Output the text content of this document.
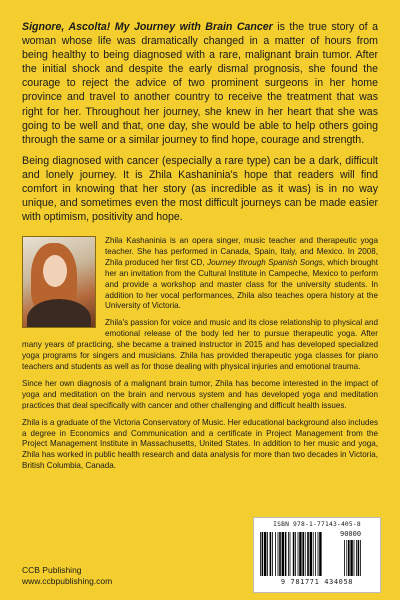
Signore, Ascolta! My Journey with Brain Cancer is the true story of a woman whose life was dramatically changed in a matter of hours from being healthy to being diagnosed with a rare, malignant brain tumor. After the initial shock and despite the early dismal prognosis, she found the courage to reject the advice of two prominent surgeons in her home province and travel to another country to receive the treatment that was right for her. Throughout her journey, she knew in her heart that she was going to be well and that, one day, she would be able to help others going through the same or a similar journey to find hope, courage and strength.

Being diagnosed with cancer (especially a rare type) can be a dark, difficult and lonely journey. It is Zhila Kashaninia's hope that readers will find comfort in knowing that her story (as incredible as it was) is in no way unique, and sometimes even the most difficult journeys can be made easier with optimism, positivity and hope.

Zhila Kashaninia is an opera singer, music teacher and therapeutic yoga teacher. She has performed in Canada, Spain, Italy, and Mexico. In 2008, Zhila produced her first CD, Journey through Spanish Songs, which brought her an invitation from the Cultural Institute in Campeche, Mexico to perform and provide a workshop and master class for the university students. In addition to her vocal performances, Zhila also teaches opera history at the University of Victoria.

Zhila's passion for voice and music and its close relationship to physical and emotional release of the body led her to pursue therapeutic yoga. After many years of practicing, she became a trained instructor in 2015 and has developed specialized yoga programs for singers and musicians. Zhila has provided therapeutic yoga classes for piano teachers and students as well as for those dealing with physical injuries and emotional trauma.

Since her own diagnosis of a malignant brain tumor, Zhila has become interested in the impact of yoga and meditation on the brain and nervous system and has developed yoga and meditation practices that deal specifically with cancer and other challenging and difficult health issues.

Zhila is a graduate of the Victoria Conservatory of Music. Her educational background also includes a degree in Economics and Communication and a certificate in Project Management from the Project Management Institute in Massachusetts, United States. In addition to her music and yoga, Zhila has worked in public health research and data analysis for more than two decades in Victoria, British Columbia, Canada.

CCB Publishing
www.ccbpublishing.com
ISBN 978-1-77143-405-8
90000
9 781771 434058
